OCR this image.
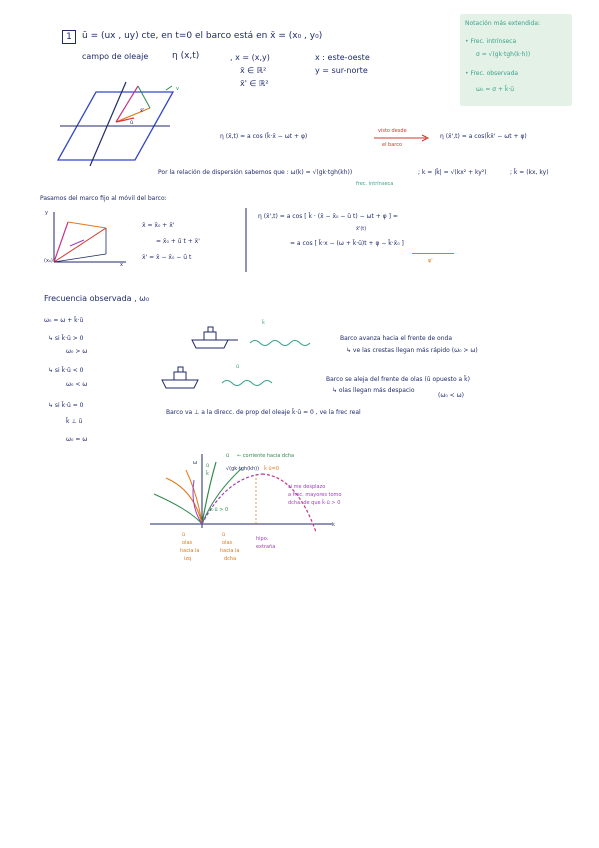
1	ū = (ux , uy) cte, en t=0 el barco está en x̄ = (x₀ , y₀)
campo de oleaje	η (x,t)	, x = (x,y)	x : este-oeste
x̄ ∈ ℝ²	y = sur-norte
x̄' ∈ ℝ²
Notación más extendida:
• Frec. intrínseca
σ = √(gk·tgh(k·h))
• Frec. observada
ω₀ = σ + k̄·ū
v
ū
x̄'
η (x̄,t) = a cos (k̄·x̄ − ωt + φ)
visto desde
el barco
η (x̄',t) = a cos(k̄x̄' − ωt + φ)
Por la relación de dispersión sabemos que : ω(k) = √(gk·tgh(kh))
frec. intrínseca
; k = |k̄| = √(kx² + ky²)	; k̄ = (kx, ky)
Pasamos del marco fijo al móvil del barco:
y
x
(x₀)
x̄ = x̄₀ + x̄'
= x̄₀ + ū t + x̄'
x̄' = x̄ − x̄₀ − ū t
η (x̄',t) = a cos [ k̄ · (x̄ − x̄₀ − ū t) − ωt + φ ] =
x̄'(t)
= a cos [ k̄·x − (ω + k̄·ū)t + φ − k̄·x̄₀ ]
φ'
Frecuencia observada , ω₀
ω₀ = ω + k̄·ū
↳ si k̄·ū > 0
ω₀ > ω
↳ si k̄·ū < 0
ω₀ < ω
↳ si k̄·ū = 0
k̄ ⊥ ū
ω₀ = ω
k̄
Barco avanza hacia el frente de onda
↳ ve las crestas llegan más rápido (ω₀ > ω)
ū
Barco se aleja del frente de olas (ū opuesto a k̄)
↳ olas llegan más despacio
(ω₀ < ω)
Barco va ⊥ a la direcc. de prop del oleaje k̄·ū = 0 , ve la frec real
ω ū
k̄
ū ← corriente hacia dcha
√(gk·tgh(kh)) k̄ ū=0
k·ū > 0
si me desplazo
a frec. mayores tomo
dcha. de que k̄·ū > 0
k
ū
olas
hacia la
izq
ū
olas
hacia la
dcha
hipo.
extraña
